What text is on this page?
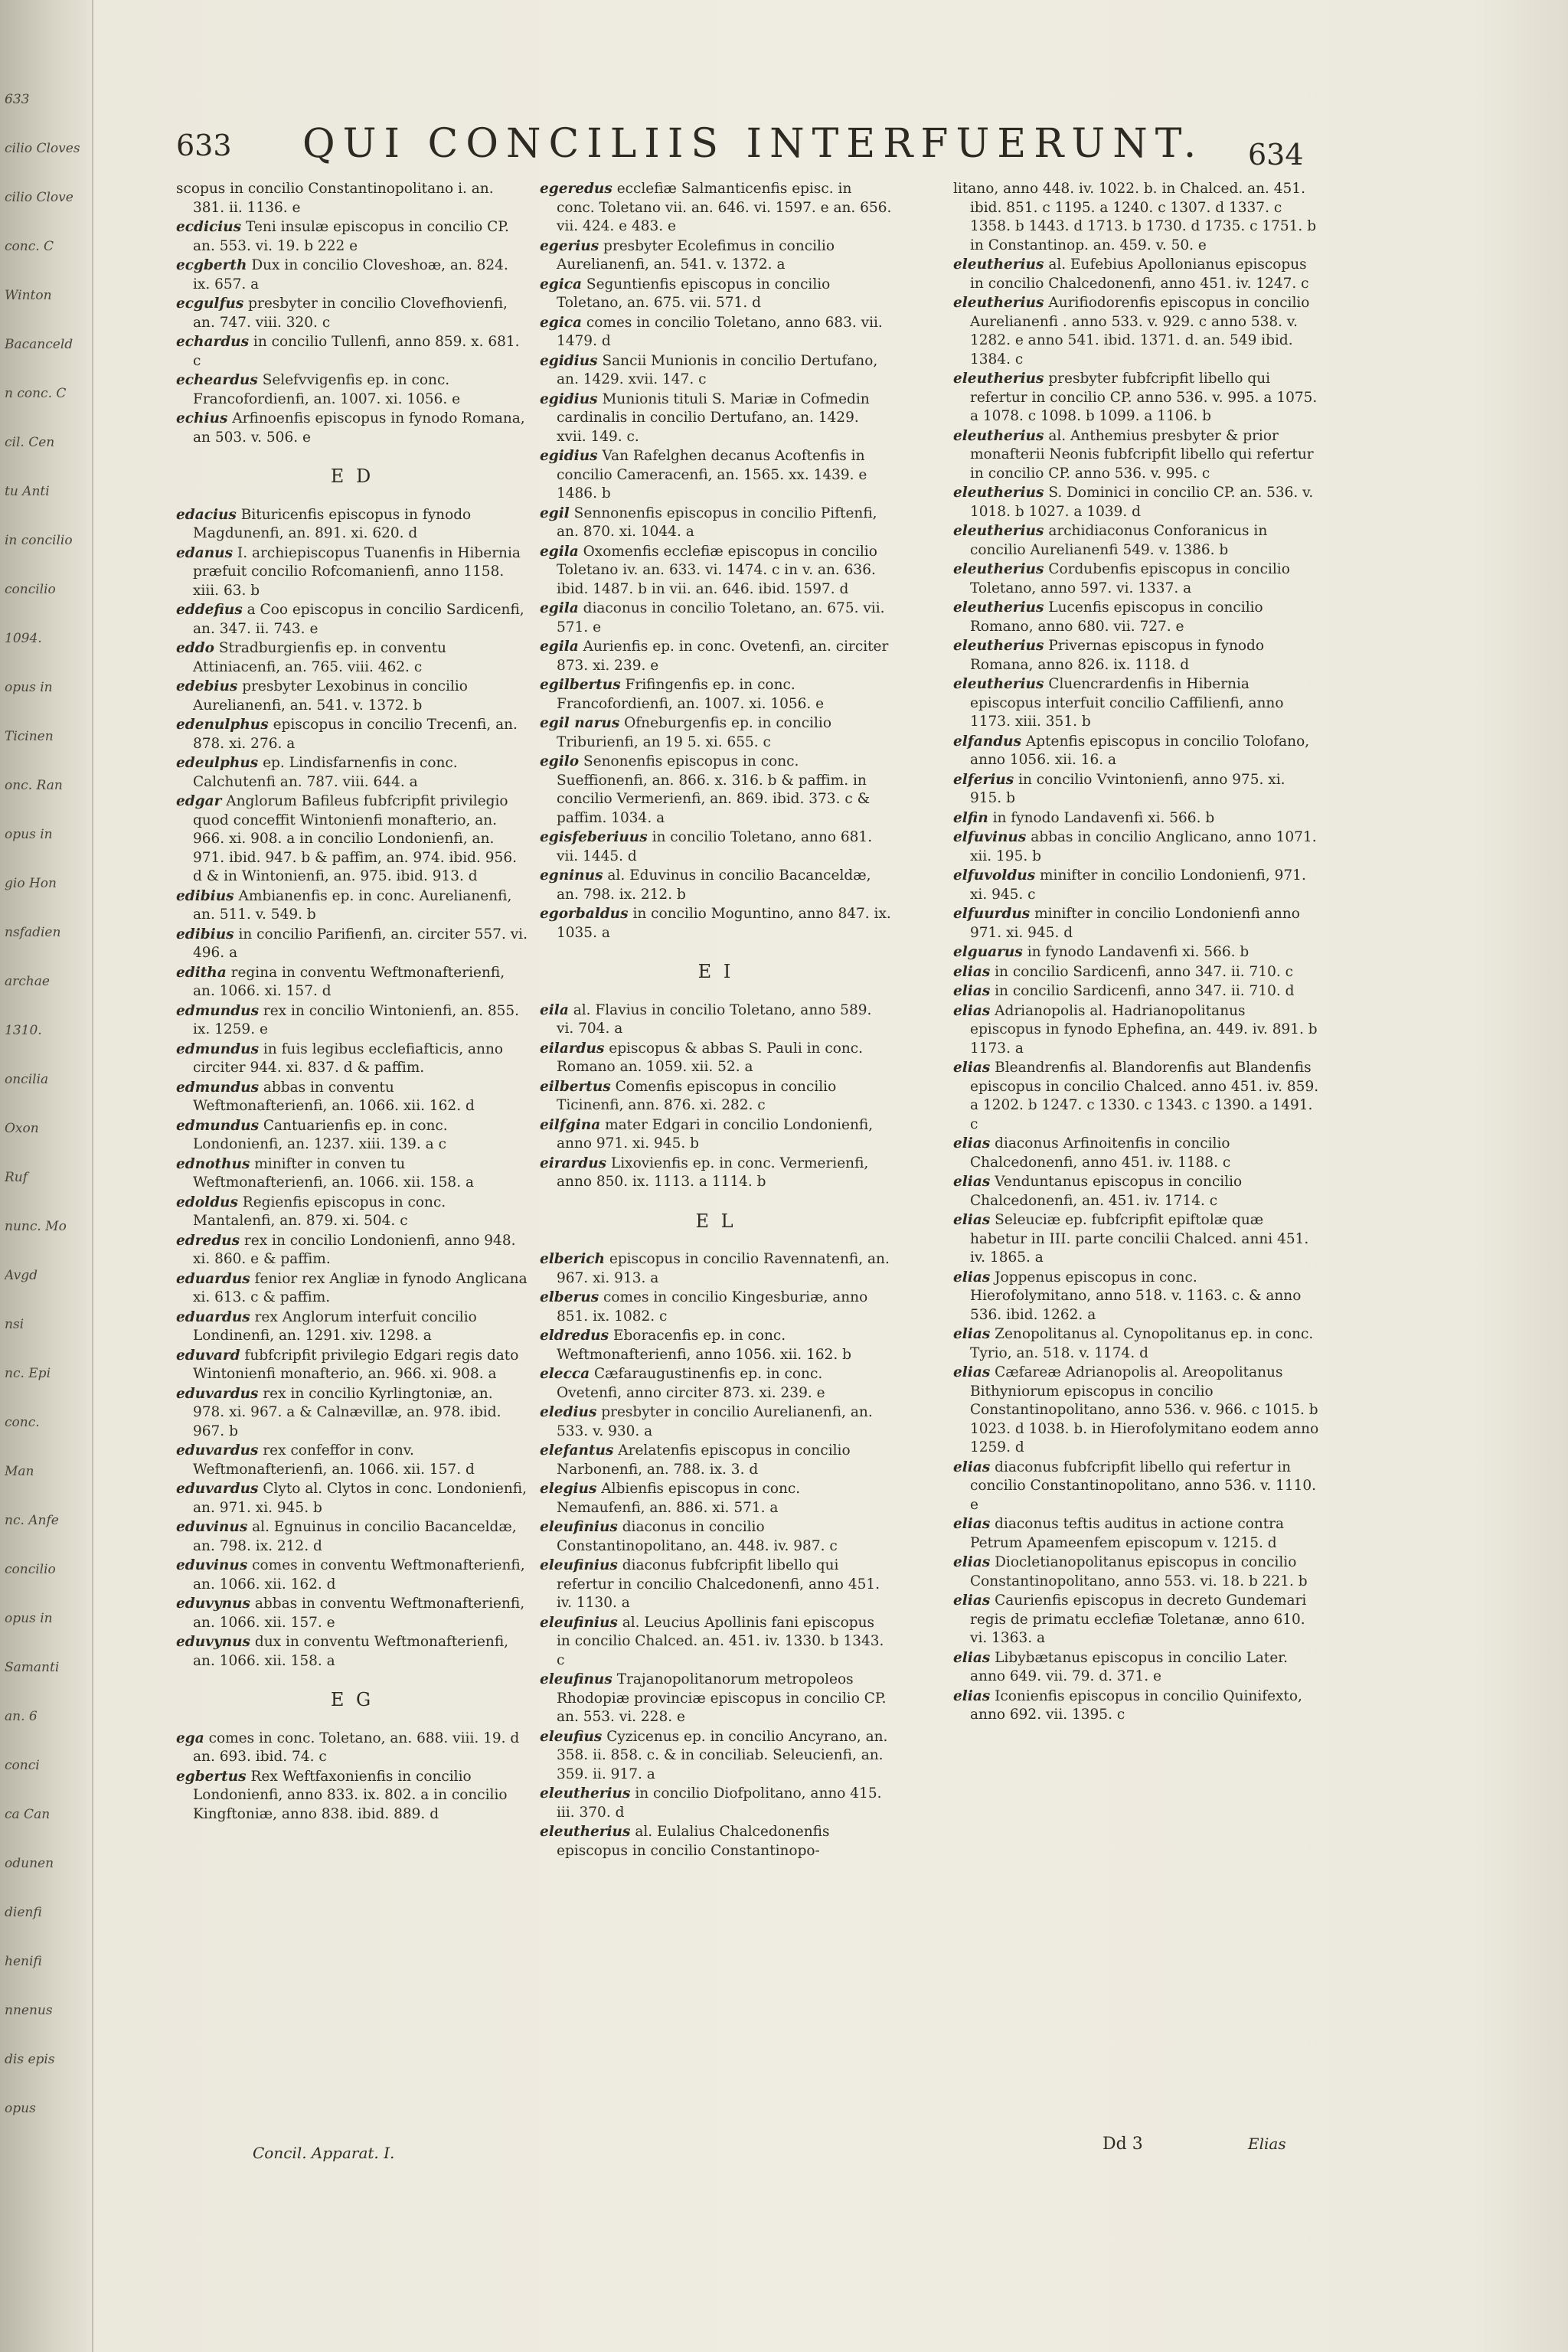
633
cilio Cloves
cilio Clove
conc. C
Winton
Bacanceld
n conc. C
cil. Cen
tu Anti
in concilio
concilio
1094.
opus in
Ticinen
onc. Ran
opus in
gio Hon
nsfadien
archae
1310.
oncilia
Oxon
Ruf
nunc. Mo
Avgd
nsi
nc. Epi
conc.
Man
nc. Anfe
concilio
opus in
Samanti
an. 6
conci
ca Can
odunen
dienfi
henifi
nnenus
dis epis
opus
633 QUI CONCILIIS INTERFUERUNT. 634
scopus in concilio Constantinopolitano i. an. 381. ii. 1136. e
ecdicius Teni insulæ episcopus in concilio CP. an. 553. vi. 19. b 222 e
ecgberth Dux in concilio Cloveshoæ, an. 824. ix. 657. a
ecgulfus presbyter in concilio Clovefhovienfi, an. 747. viii. 320. c
echardus in concilio Tullenfi, anno 859. x. 681. c
echeardus Selefvvigenfis ep. in conc. Francofordienfi, an. 1007. xi. 1056. e
echius Arfinoenfis episcopus in fynodo Romana, an 503. v. 506. e
E D
edacius Bituricenfis episcopus in fynodo Magdunenfi, an. 891. xi. 620. d
edanus I. archiepiscopus Tuanenfis in Hibernia præfuit concilio Rofcomanienfi, anno 1158. xiii. 63. b
eddefius a Coo episcopus in concilio Sardicenfi, an. 347. ii. 743. e
eddo Stradburgienfis ep. in conventu Attiniacenfi, an. 765. viii. 462. c
edebius presbyter Lexobinus in concilio Aurelianenfi, an. 541. v. 1372. b
edenulphus episcopus in concilio Trecenfi, an. 878. xi. 276. a
edeulphus ep. Lindisfarnenfis in conc. Calchutenfi an. 787. viii. 644. a
edgar Anglorum Bafileus fubfcripfit privilegio quod conceffit Wintonienfi monafterio, an. 966. xi. 908. a in concilio Londonienfi, an. 971. ibid. 947. b & paffim, an. 974. ibid. 956. d & in Wintonienfi, an. 975. ibid. 913. d
edibius Ambianenfis ep. in conc. Aurelianenfi, an. 511. v. 549. b
edibius in concilio Parifienfi, an. circiter 557. vi. 496. a
editha regina in conventu Weftmonafterienfi, an. 1066. xi. 157. d
edmundus rex in concilio Wintonienfi, an. 855. ix. 1259. e
edmundus in fuis legibus ecclefiafticis, anno circiter 944. xi. 837. d & paffim.
edmundus abbas in conventu Weftmonafterienfi, an. 1066. xii. 162. d
edmundus Cantuarienfis ep. in conc. Londonienfi, an. 1237. xiii. 139. a c
ednothus minifter in conven tu Weftmonafterienfi, an. 1066. xii. 158. a
edoldus Regienfis episcopus in conc. Mantalenfi, an. 879. xi. 504. c
edredus rex in concilio Londonienfi, anno 948. xi. 860. e & paffim.
eduardus fenior rex Angliæ in fynodo Anglicana xi. 613. c & paffim.
eduardus rex Anglorum interfuit concilio Londinenfi, an. 1291. xiv. 1298. a
eduvard fubfcripfit privilegio Edgari regis dato Wintonienfi monafterio, an. 966. xi. 908. a
eduvardus rex in concilio Kyrlingtoniæ, an. 978. xi. 967. a & Calnævillæ, an. 978. ibid. 967. b
eduvardus rex confeffor in conv. Weftmonafterienfi, an. 1066. xii. 157. d
eduvardus Clyto al. Clytos in conc. Londonienfi, an. 971. xi. 945. b
eduvinus al. Egnuinus in concilio Bacanceldæ, an. 798. ix. 212. d
eduvinus comes in conventu Weftmonafterienfi, an. 1066. xii. 162. d
eduvynus abbas in conventu Weftmonafterienfi, an. 1066. xii. 157. e
eduvynus dux in conventu Weftmonafterienfi, an. 1066. xii. 158. a
E G
ega comes in conc. Toletano, an. 688. viii. 19. d an. 693. ibid. 74. c
egbertus Rex Weftfaxonienfis in concilio Londonienfi, anno 833. ix. 802. a in concilio Kingftoniæ, anno 838. ibid. 889. d
egeredus ecclefiæ Salmanticenfis episc. in conc. Toletano vii. an. 646. vi. 1597. e an. 656. vii. 424. e 483. e
egerius presbyter Ecolefimus in concilio Aurelianenfi, an. 541. v. 1372. a
egica Seguntienfis episcopus in concilio Toletano, an. 675. vii. 571. d
egica comes in concilio Toletano, anno 683. vii. 1479. d
egidius Sancii Munionis in concilio Dertufano, an. 1429. xvii. 147. c
egidius Munionis tituli S. Mariæ in Cofmedin cardinalis in concilio Dertufano, an. 1429. xvii. 149. c.
egidius Van Rafelghen decanus Acoftenfis in concilio Cameracenfi, an. 1565. xx. 1439. e 1486. b
egil Sennonenfis episcopus in concilio Piftenfi, an. 870. xi. 1044. a
egila Oxomenfis ecclefiæ episcopus in concilio Toletano iv. an. 633. vi. 1474. c in v. an. 636. ibid. 1487. b in vii. an. 646. ibid. 1597. d
egila diaconus in concilio Toletano, an. 675. vii. 571. e
egila Aurienfis ep. in conc. Ovetenfi, an. circiter 873. xi. 239. e
egilbertus Frifingenfis ep. in conc. Francofordienfi, an. 1007. xi. 1056. e
egil narus Ofneburgenfis ep. in concilio Triburienfi, an 19 5. xi. 655. c
egilo Senonenfis episcopus in conc. Sueffionenfi, an. 866. x. 316. b & paffim. in concilio Vermerienfi, an. 869. ibid. 373. c & paffim. 1034. a
egisfeberiuus in concilio Toletano, anno 681. vii. 1445. d
egninus al. Eduvinus in concilio Bacanceldæ, an. 798. ix. 212. b
egorbaldus in concilio Moguntino, anno 847. ix. 1035. a
E I
eila al. Flavius in concilio Toletano, anno 589. vi. 704. a
eilardus episcopus & abbas S. Pauli in conc. Romano an. 1059. xii. 52. a
eilbertus Comenfis episcopus in concilio Ticinenfi, ann. 876. xi. 282. c
eilfgina mater Edgari in concilio Londonienfi, anno 971. xi. 945. b
eirardus Lixovienfis ep. in conc. Vermerienfi, anno 850. ix. 1113. a 1114. b
E L
elberich episcopus in concilio Ravennatenfi, an. 967. xi. 913. a
elberus comes in concilio Kingesburiæ, anno 851. ix. 1082. c
eldredus Eboracenfis ep. in conc. Weftmonafterienfi, anno 1056. xii. 162. b
elecca Cæfaraugustinenfis ep. in conc. Ovetenfi, anno circiter 873. xi. 239. e
eledius presbyter in concilio Aurelianenfi, an. 533. v. 930. a
elefantus Arelatenfis episcopus in concilio Narbonenfi, an. 788. ix. 3. d
elegius Albienfis episcopus in conc. Nemaufenfi, an. 886. xi. 571. a
eleufinius diaconus in concilio Constantinopolitano, an. 448. iv. 987. c
eleufinius diaconus fubfcripfit libello qui refertur in concilio Chalcedonenfi, anno 451. iv. 1130. a
eleufinius al. Leucius Apollinis fani episcopus in concilio Chalced. an. 451. iv. 1330. b 1343. c
eleufinus Trajanopolitanorum metropoleos Rhodopiæ provinciæ episcopus in concilio CP. an. 553. vi. 228. e
eleufius Cyzicenus ep. in concilio Ancyrano, an. 358. ii. 858. c. & in conciliab. Seleucienfi, an. 359. ii. 917. a
eleutherius in concilio Diofpolitano, anno 415. iii. 370. d
eleutherius al. Eulalius Chalcedonenfis episcopus in concilio Constantinopo-
litano, anno 448. iv. 1022. b. in Chalced. an. 451. ibid. 851. c 1195. a 1240. c 1307. d 1337. c 1358. b 1443. d 1713. b 1730. d 1735. c 1751. b in Constantinop. an. 459. v. 50. e
eleutherius al. Eufebius Apollonianus episcopus in concilio Chalcedonenfi, anno 451. iv. 1247. c
eleutherius Aurifiodorenfis episcopus in concilio Aurelianenfi . anno 533. v. 929. c anno 538. v. 1282. e anno 541. ibid. 1371. d. an. 549 ibid. 1384. c
eleutherius presbyter fubfcripfit libello qui refertur in concilio CP. anno 536. v. 995. a 1075. a 1078. c 1098. b 1099. a 1106. b
eleutherius al. Anthemius presbyter & prior monafterii Neonis fubfcripfit libello qui refertur in concilio CP. anno 536. v. 995. c
eleutherius S. Dominici in concilio CP. an. 536. v. 1018. b 1027. a 1039. d
eleutherius archidiaconus Conforanicus in concilio Aurelianenfi 549. v. 1386. b
eleutherius Cordubenfis episcopus in concilio Toletano, anno 597. vi. 1337. a
eleutherius Lucenfis episcopus in concilio Romano, anno 680. vii. 727. e
eleutherius Privernas episcopus in fynodo Romana, anno 826. ix. 1118. d
eleutherius Cluencrardenfis in Hibernia episcopus interfuit concilio Caffilienfi, anno 1173. xiii. 351. b
elfandus Aptenfis episcopus in concilio Tolofano, anno 1056. xii. 16. a
elferius in concilio Vvintonienfi, anno 975. xi. 915. b
elfin in fynodo Landavenfi xi. 566. b
elfuvinus abbas in concilio Anglicano, anno 1071. xii. 195. b
elfuvoldus minifter in concilio Londonienfi, 971. xi. 945. c
elfuurdus minifter in concilio Londonienfi anno 971. xi. 945. d
elguarus in fynodo Landavenfi xi. 566. b
elias in concilio Sardicenfi, anno 347. ii. 710. c
elias in concilio Sardicenfi, anno 347. ii. 710. d
elias Adrianopolis al. Hadrianopolitanus episcopus in fynodo Ephefina, an. 449. iv. 891. b 1173. a
elias Bleandrenfis al. Blandorenfis aut Blandenfis episcopus in concilio Chalced. anno 451. iv. 859. a 1202. b 1247. c 1330. c 1343. c 1390. a 1491. c
elias diaconus Arfinoitenfis in concilio Chalcedonenfi, anno 451. iv. 1188. c
elias Venduntanus episcopus in concilio Chalcedonenfi, an. 451. iv. 1714. c
elias Seleuciæ ep. fubfcripfit epiftolæ quæ habetur in III. parte concilii Chalced. anni 451. iv. 1865. a
elias Joppenus episcopus in conc. Hierofolymitano, anno 518. v. 1163. c. & anno 536. ibid. 1262. a
elias Zenopolitanus al. Cynopolitanus ep. in conc. Tyrio, an. 518. v. 1174. d
elias Cæfareæ Adrianopolis al. Areopolitanus Bithyniorum episcopus in concilio Constantinopolitano, anno 536. v. 966. c 1015. b 1023. d 1038. b. in Hierofolymitano eodem anno 1259. d
elias diaconus fubfcripfit libello qui refertur in concilio Constantinopolitano, anno 536. v. 1110. e
elias diaconus teftis auditus in actione contra Petrum Apameenfem episcopum v. 1215. d
elias Diocletianopolitanus episcopus in concilio Constantinopolitano, anno 553. vi. 18. b 221. b
elias Caurienfis episcopus in decreto Gundemari regis de primatu ecclefiæ Toletanæ, anno 610. vi. 1363. a
elias Libybætanus episcopus in concilio Later. anno 649. vii. 79. d. 371. e
elias Iconienfis episcopus in concilio Quinifexto, anno 692. vii. 1395. c
Concil. Apparat. I.	Dd 3	Elias
